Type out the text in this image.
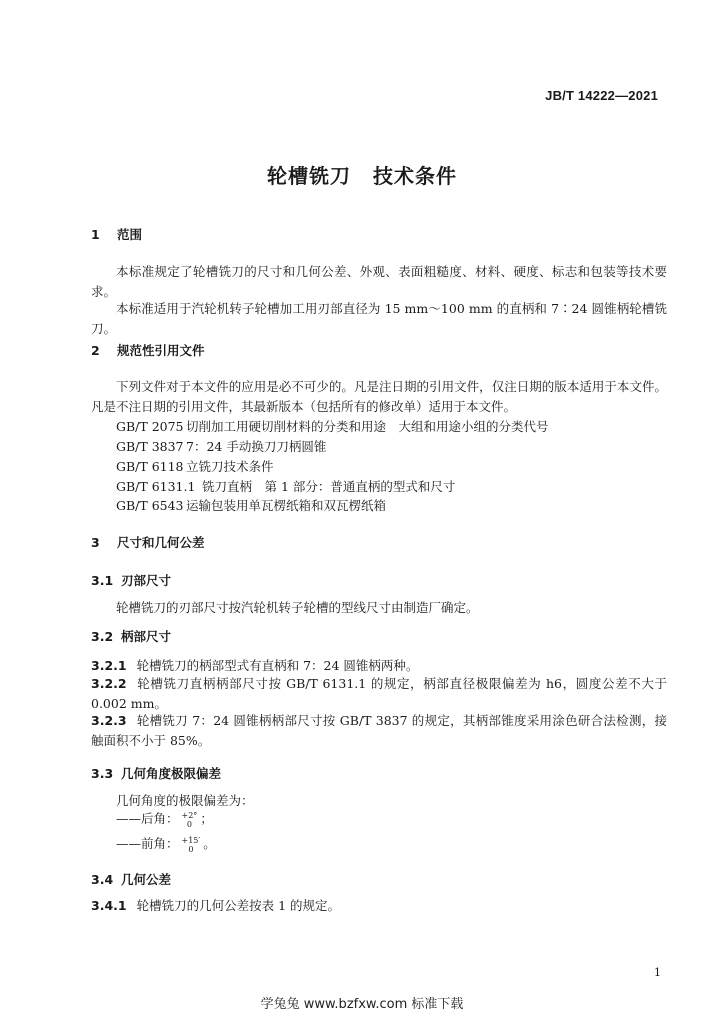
JB/T 14222—2021
轮槽铣刀 技术条件
1 范围
本标准规定了轮槽铣刀的尺寸和几何公差、外观、表面粗糙度、材料、硬度、标志和包装等技术要求。
本标准适用于汽轮机转子轮槽加工用刃部直径为 15 mm～100 mm 的直柄和 7∶24 圆锥柄轮槽铣刀。
2 规范性引用文件
下列文件对于本文件的应用是必不可少的。凡是注日期的引用文件，仅注日期的版本适用于本文件。凡是不注日期的引用文件，其最新版本（包括所有的修改单）适用于本文件。
GB/T 2075 切削加工用硬切削材料的分类和用途　大组和用途小组的分类代号
GB/T 3837 7：24 手动换刀刀柄圆锥
GB/T 6118 立铣刀技术条件
GB/T 6131.1 铣刀直柄　第 1 部分：普通直柄的型式和尺寸
GB/T 6543 运输包装用单瓦楞纸箱和双瓦楞纸箱
3 尺寸和几何公差
3.1 刃部尺寸
轮槽铣刀的刃部尺寸按汽轮机转子轮槽的型线尺寸由制造厂确定。
3.2 柄部尺寸
3.2.1 轮槽铣刀的柄部型式有直柄和 7：24 圆锥柄两种。
3.2.2 轮槽铣刀直柄柄部尺寸按 GB/T 6131.1 的规定，柄部直径极限偏差为 h6，圆度公差不大于 0.002 mm。
3.2.3 轮槽铣刀 7：24 圆锥柄柄部尺寸按 GB/T 3837 的规定，其柄部锥度采用涂色研合法检测，接触面积不小于 85%。
3.3 几何角度极限偏差
几何角度的极限偏差为：
——后角： +2°
0 ；
——前角： +15′
0 。
3.4 几何公差
3.4.1 轮槽铣刀的几何公差按表 1 的规定。
1
学兔兔 www.bzfxw.com 标准下载
